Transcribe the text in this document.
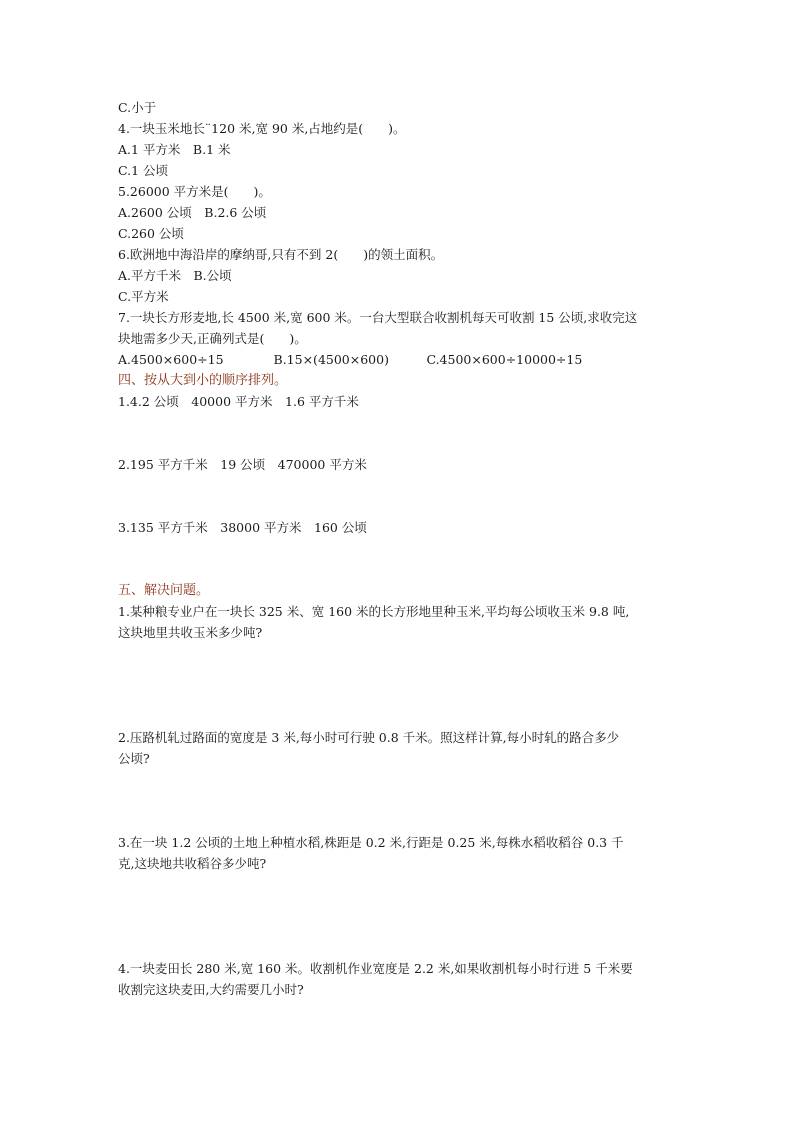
C.小于
4.一块玉米地长¨120 米,宽 90 米,占地约是(　　)。
A.1 平方米　B.1 米
C.1 公顷
5.26000 平方米是(　　)。
A.2600 公顷　B.2.6 公顷
C.260 公顷
6.欧洲地中海沿岸的摩纳哥,只有不到 2(　　)的领土面积。
A.平方千米　B.公顷
C.平方米
7.一块长方形麦地,长 4500 米,宽 600 米。一台大型联合收割机每天可收割 15 公顷,求收完这
块地需多少天,正确列式是(　　)。
A.4500×600÷15　　　　B.15×(4500×600)　　　C.4500×600÷10000÷15
四、按从大到小的顺序排列。
1.4.2 公顷　40000 平方米　1.6 平方千米
2.195 平方千米　19 公顷　470000 平方米
3.135 平方千米　38000 平方米　160 公顷
五、解决问题。
1.某种粮专业户在一块长 325 米、宽 160 米的长方形地里种玉米,平均每公顷收玉米 9.8 吨,
这块地里共收玉米多少吨?
2.压路机轧过路面的宽度是 3 米,每小时可行驶 0.8 千米。照这样计算,每小时轧的路合多少
公顷?
3.在一块 1.2 公顷的土地上种植水稻,株距是 0.2 米,行距是 0.25 米,每株水稻收稻谷 0.3 千
克,这块地共收稻谷多少吨?
4.一块麦田长 280 米,宽 160 米。收割机作业宽度是 2.2 米,如果收割机每小时行进 5 千米要
收割完这块麦田,大约需要几小时?
